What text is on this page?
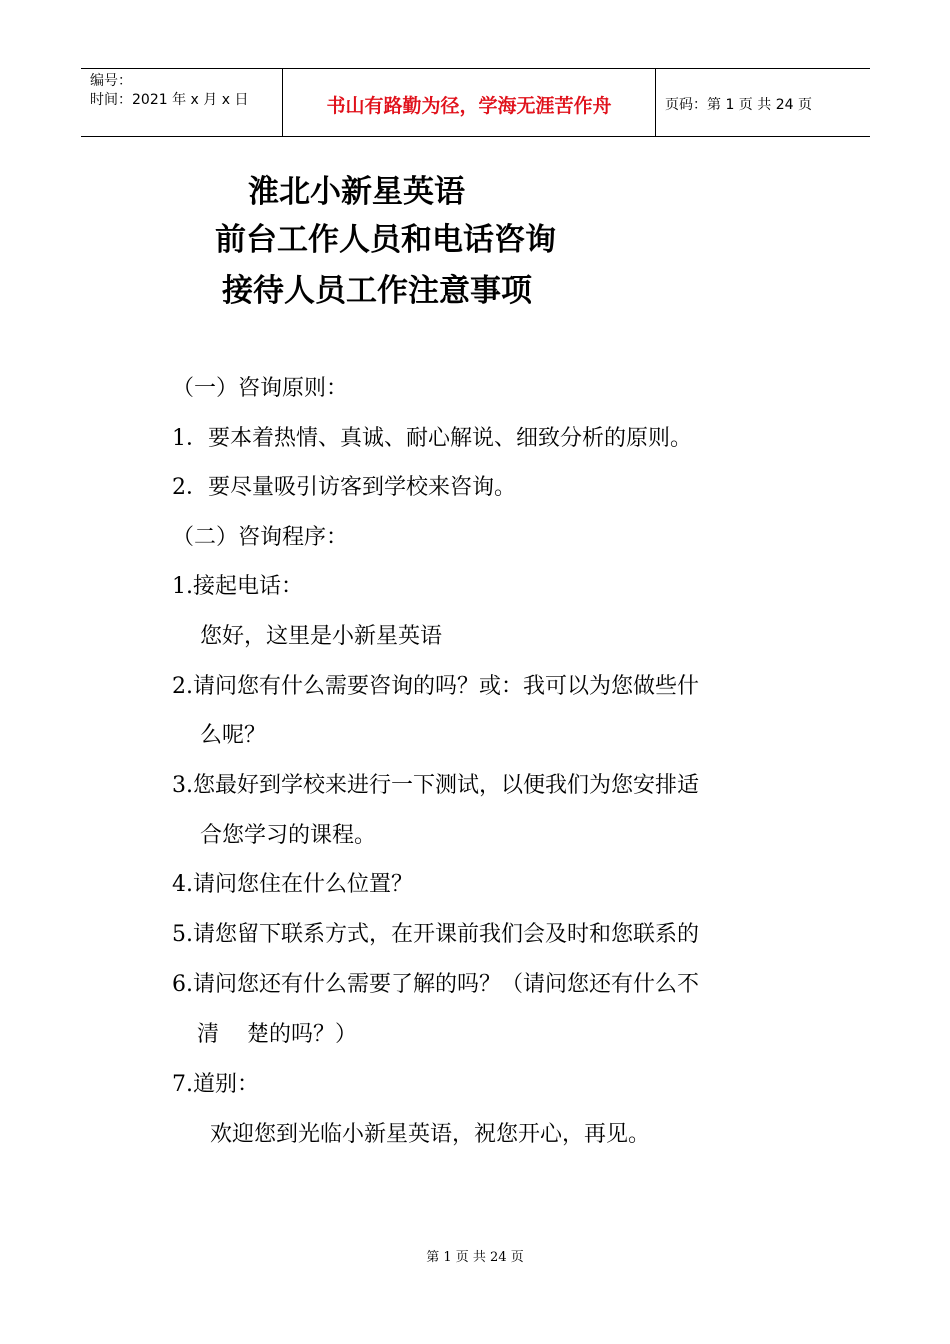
编号：
时间：2021 年 x 月 x 日	书山有路勤为径，学海无涯苦作舟	页码：第 1 页 共 24 页
淮北小新星英语
前台工作人员和电话咨询
接待人员工作注意事项
（一）咨询原则：
1．要本着热情、真诚、耐心解说、细致分析的原则。
2．要尽量吸引访客到学校来咨询。
（二）咨询程序：
1.接起电话：
您好，这里是小新星英语
2.请问您有什么需要咨询的吗？或：我可以为您做些什
么呢？
3.您最好到学校来进行一下测试，以便我们为您安排适
合您学习的课程。
4.请问您住在什么位置？
5.请您留下联系方式，在开课前我们会及时和您联系的
6.请问您还有什么需要了解的吗？（请问您还有什么不
清    楚的吗？）
7.道别：
欢迎您到光临小新星英语，祝您开心，再见。
第 1 页 共 24 页
